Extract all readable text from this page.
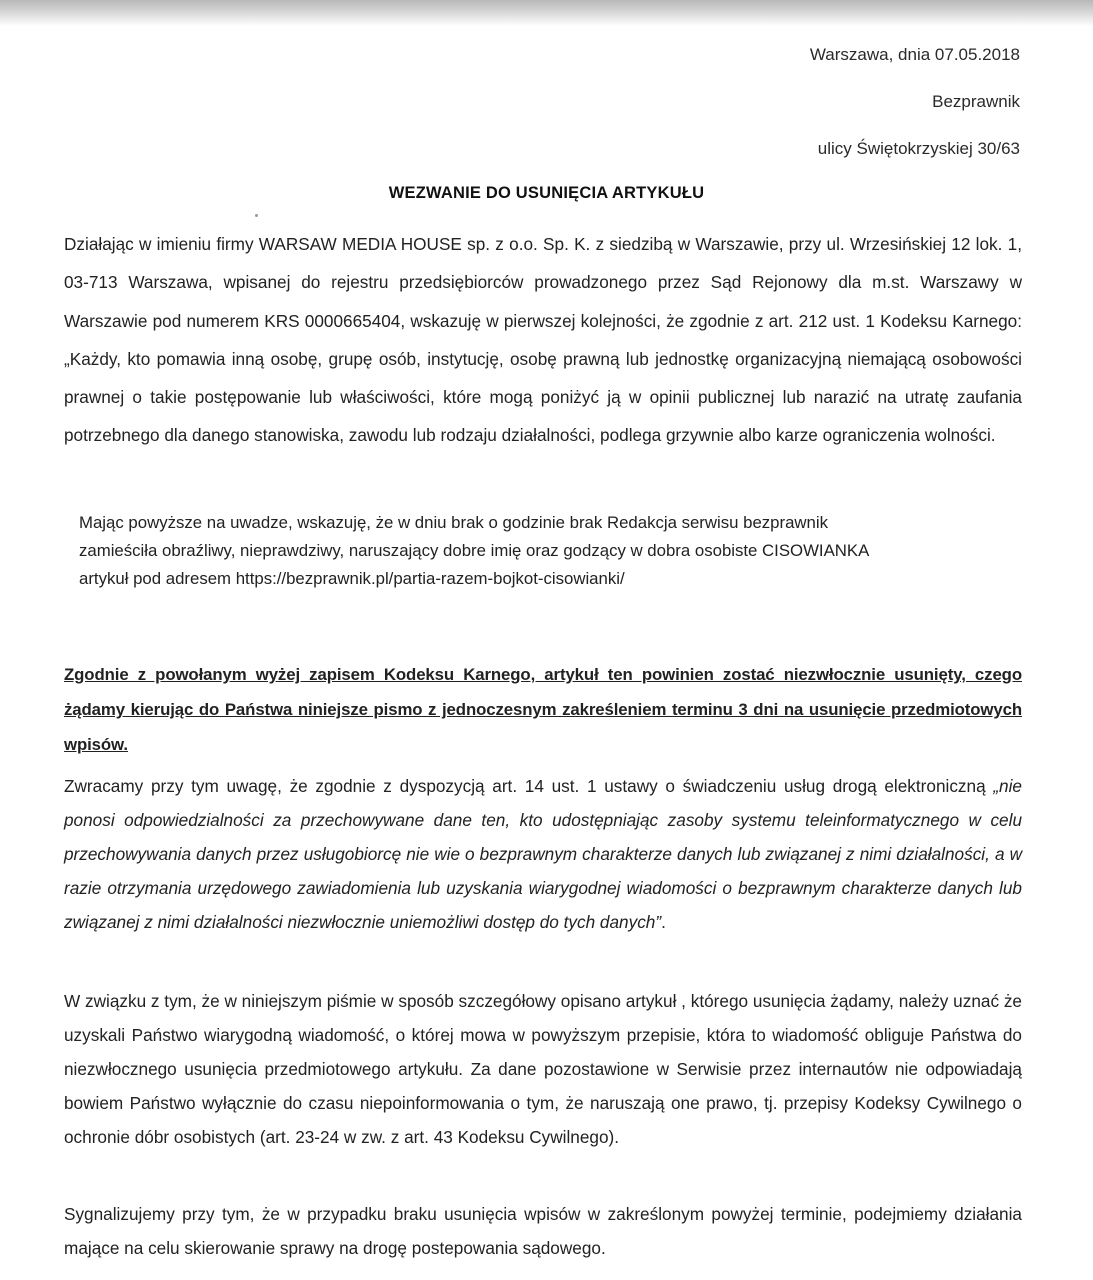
Warszawa, dnia 07.05.2018
Bezprawnik
ulicy Świętokrzyskiej 30/63
WEZWANIE DO USUNIĘCIA ARTYKUŁU
Działając w imieniu firmy WARSAW MEDIA HOUSE sp. z o.o. Sp. K. z siedzibą w Warszawie, przy ul. Wrzesińskiej 12 lok. 1, 03-713 Warszawa, wpisanej do rejestru przedsiębiorców prowadzonego przez Sąd Rejonowy dla m.st. Warszawy w Warszawie pod numerem KRS 0000665404, wskazuję w pierwszej kolejności, że zgodnie z art. 212 ust. 1 Kodeksu Karnego: „Każdy, kto pomawia inną osobę, grupę osób, instytucję, osobę prawną lub jednostkę organizacyjną niemającą osobowości prawnej o takie postępowanie lub właściwości, które mogą poniżyć ją w opinii publicznej lub narazić na utratę zaufania potrzebnego dla danego stanowiska, zawodu lub rodzaju działalności, podlega grzywnie albo karze ograniczenia wolności.
Mając powyższe na uwadze, wskazuję, że w dniu brak o godzinie brak Redakcja serwisu bezprawnik
zamieściła obraźliwy, nieprawdziwy, naruszający dobre imię oraz godzący w dobra osobiste CISOWIANKA
artykuł pod adresem https://bezprawnik.pl/partia-razem-bojkot-cisowianki/
Zgodnie z powołanym wyżej zapisem Kodeksu Karnego, artykuł ten powinien zostać niezwłocznie usunięty, czego żądamy kierując do Państwa niniejsze pismo z jednoczesnym zakreśleniem terminu 3 dni na usunięcie przedmiotowych wpisów.
Zwracamy przy tym uwagę, że zgodnie z dyspozycją art. 14 ust. 1 ustawy o świadczeniu usług drogą elektroniczną „nie ponosi odpowiedzialności za przechowywane dane ten, kto udostępniając zasoby systemu teleinformatycznego w celu przechowywania danych przez usługobiorcę nie wie o bezprawnym charakterze danych lub związanej z nimi działalności, a w razie otrzymania urzędowego zawiadomienia lub uzyskania wiarygodnej wiadomości o bezprawnym charakterze danych lub związanej z nimi działalności niezwłocznie uniemożliwi dostęp do tych danych”.
W związku z tym, że w niniejszym piśmie w sposób szczegółowy opisano artykuł , którego usunięcia żądamy, należy uznać że uzyskali Państwo wiarygodną wiadomość, o której mowa w powyższym przepisie, która to wiadomość obliguje Państwa do niezwłocznego usunięcia przedmiotowego artykułu. Za dane pozostawione w Serwisie przez internautów nie odpowiadają bowiem Państwo wyłącznie do czasu niepoinformowania o tym, że naruszają one prawo, tj. przepisy Kodeksy Cywilnego o ochronie dóbr osobistych (art. 23-24 w zw. z art. 43 Kodeksu Cywilnego).
Sygnalizujemy przy tym, że w przypadku braku usunięcia wpisów w zakreślonym powyżej terminie, podejmiemy działania mające na celu skierowanie sprawy na drogę postepowania sądowego.
